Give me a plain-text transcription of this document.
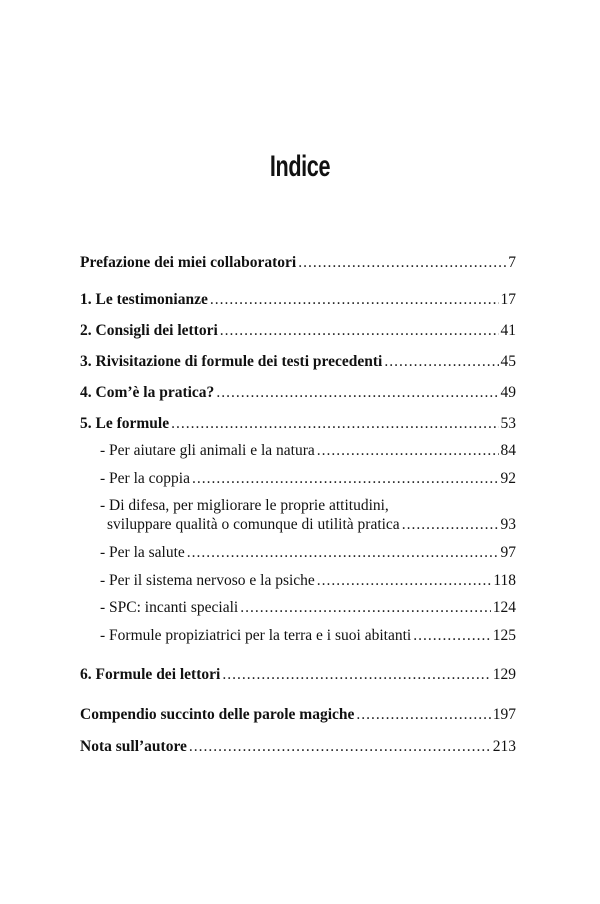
Indice
Prefazione dei miei collaboratori .....	7
1. Le testimonianze .....	17
2. Consigli dei lettori .....	41
3. Rivisitazione di formule dei testi precedenti .....	45
4. Com’è la pratica? .....	49
5. Le formule .....	53
- Per aiutare gli animali e la natura .....	84
- Per la coppia .....	92
- Di difesa, per migliorare le proprie attitudini,
sviluppare qualità o comunque di utilità pratica .....	93
- Per la salute .....	97
- Per il sistema nervoso e la psiche .....	118
- SPC: incanti speciali .....	124
- Formule propiziatrici per la terra e i suoi abitanti .....	125
6. Formule dei lettori .....	129
Compendio succinto delle parole magiche .....	197
Nota sull’autore .....	213
